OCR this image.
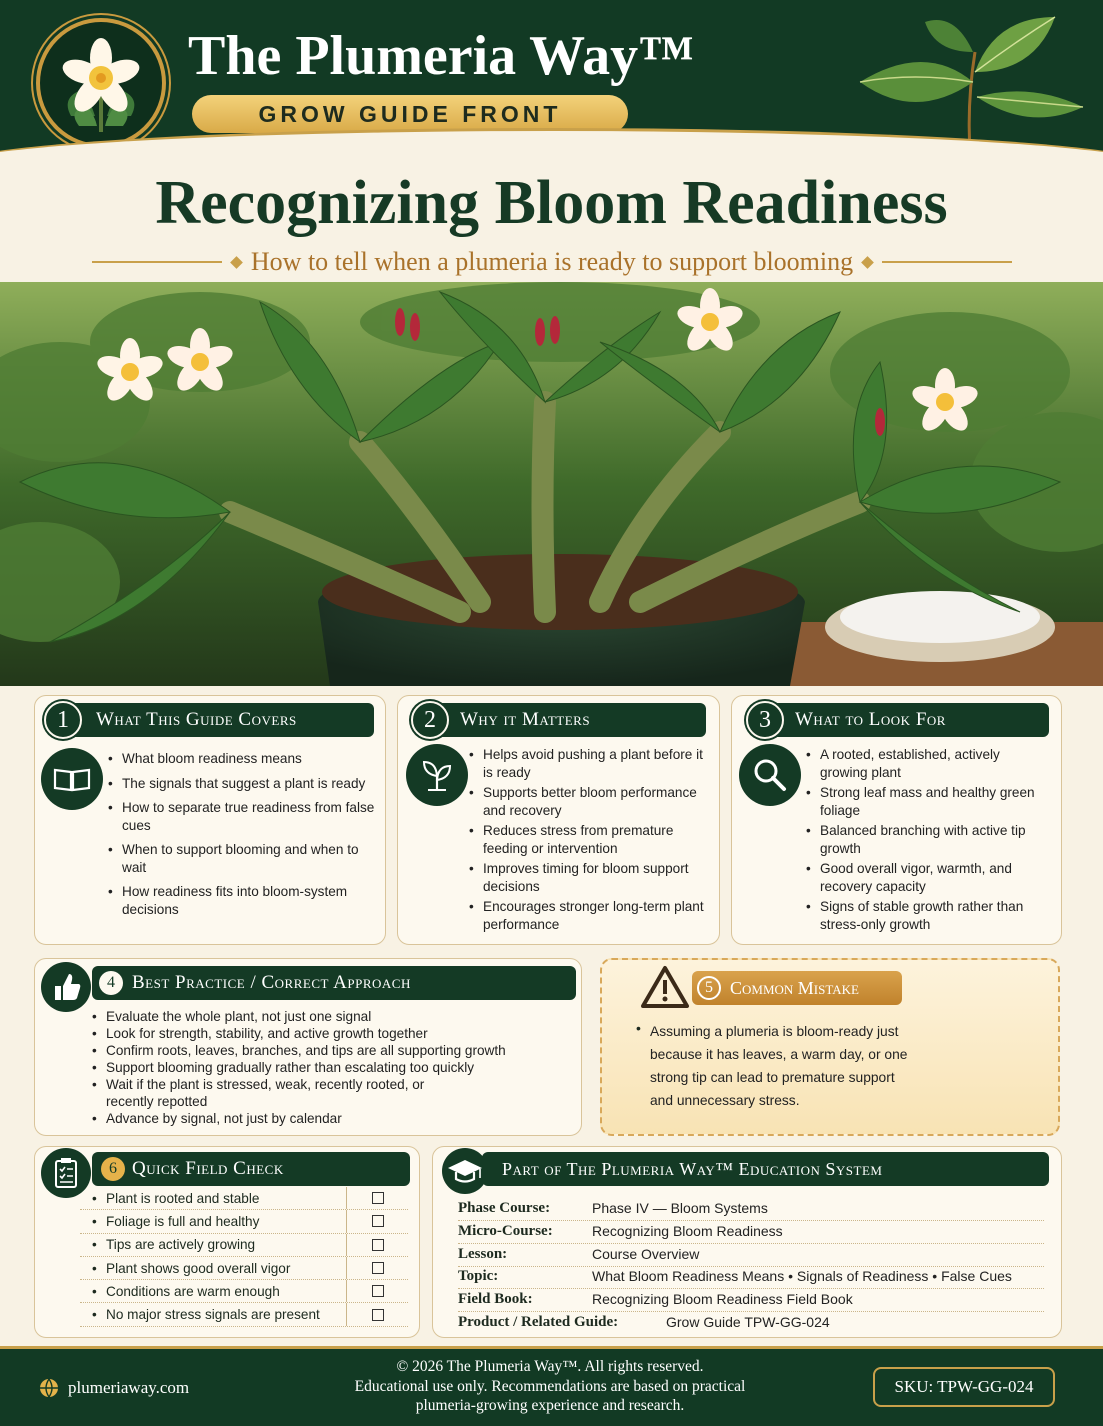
The Plumeria Way™
GROW GUIDE FRONT
Recognizing Bloom Readiness
How to tell when a plumeria is ready to support blooming
What This Guide Covers
1
• What bloom readiness means
• The signals that suggest a plant is ready
• How to separate true readiness from false cues
• When to support blooming and when to wait
• How readiness fits into bloom-system decisions
Why it Matters
2
• Helps avoid pushing a plant before it is ready
• Supports better bloom performance and recovery
• Reduces stress from premature feeding or intervention
• Improves timing for bloom support decisions
• Encourages stronger long-term plant performance
What to Look For
3
• A rooted, established, actively growing plant
• Strong leaf mass and healthy green foliage
• Balanced branching with active tip growth
• Good overall vigor, warmth, and recovery capacity
• Signs of stable growth rather than stress-only growth
Best Practice / Correct Approach
4
• Evaluate the whole plant, not just one signal
• Look for strength, stability, and active growth together
• Confirm roots, leaves, branches, and tips are all supporting growth
• Support blooming gradually rather than escalating too quickly
• Wait if the plant is stressed, weak, recently rooted, or recently repotted
• Advance by signal, not just by calendar
Common Mistake
5
• Assuming a plumeria is bloom-ready just because it has leaves, a warm day, or one strong tip can lead to premature support and unnecessary stress.
Quick Field Check
6
• Plant is rooted and stable
• Foliage is full and healthy
• Tips are actively growing
• Plant shows good overall vigor
• Conditions are warm enough
• No major stress signals are present
Part of The Plumeria Way™ Education System
Phase Course:	Phase IV — Bloom Systems
Micro-Course:	Recognizing Bloom Readiness
Lesson:	Course Overview
Topic:	What Bloom Readiness Means • Signals of Readiness • False Cues
Field Book:	Recognizing Bloom Readiness Field Book
Product / Related Guide:	Grow Guide TPW-GG-024
plumeriaway.com
© 2026 The Plumeria Way™. All rights reserved.
Educational use only. Recommendations are based on practical
plumeria-growing experience and research.
SKU: TPW-GG-024
